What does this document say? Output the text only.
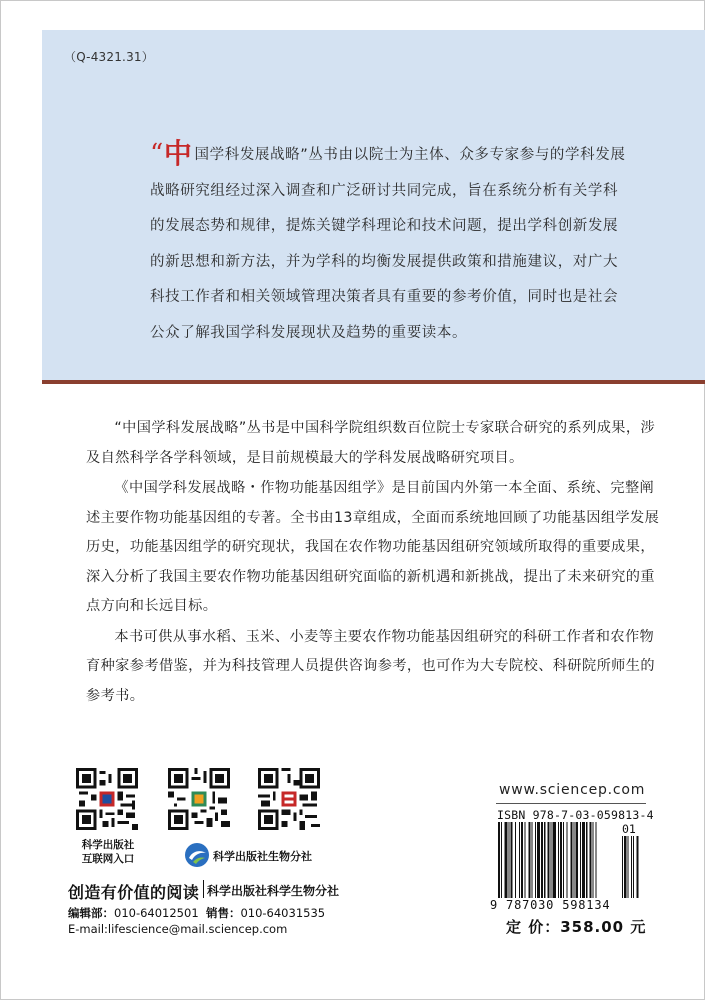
（Q-4321.31）
“中 国学科发展战略”丛书由以院士为主体、众多专家参与的学科发展战略研究组经过深入调查和广泛研讨共同完成，旨在系统分析有关学科的发展态势和规律，提炼关键学科理论和技术问题，提出学科创新发展的新思想和新方法，并为学科的均衡发展提供政策和措施建议，对广大科技工作者和相关领域管理决策者具有重要的参考价值，同时也是社会公众了解我国学科发展现状及趋势的重要读本。

“中国学科发展战略”丛书是中国科学院组织数百位院士专家联合研究的系列成果，涉及自然科学各学科领域，是目前规模最大的学科发展战略研究项目。

《中国学科发展战略・作物功能基因组学》是目前国内外第一本全面、系统、完整阐述主要作物功能基因组的专著。全书由13章组成，全面而系统地回顾了功能基因组学发展历史，功能基因组学的研究现状，我国在农作物功能基因组研究领域所取得的重要成果，深入分析了我国主要农作物功能基因组研究面临的新机遇和新挑战，提出了未来研究的重点方向和长远目标。

本书可供从事水稻、玉米、小麦等主要农作物功能基因组研究的科研工作者和农作物育种家参考借鉴，并为科技管理人员提供咨询参考，也可作为大专院校、科研院所师生的参考书。

科学出版社
互联网入口	科学出版社生物分社
创造有价值的阅读 科学出版社科学生物分社
编辑部：010-64012501 销售：010-64031535
E-mail:lifescience@mail.sciencep.com
www.sciencep.com
ISBN 978-7-03-059813-4
01
9 787030 598134
定 价：358.00 元
